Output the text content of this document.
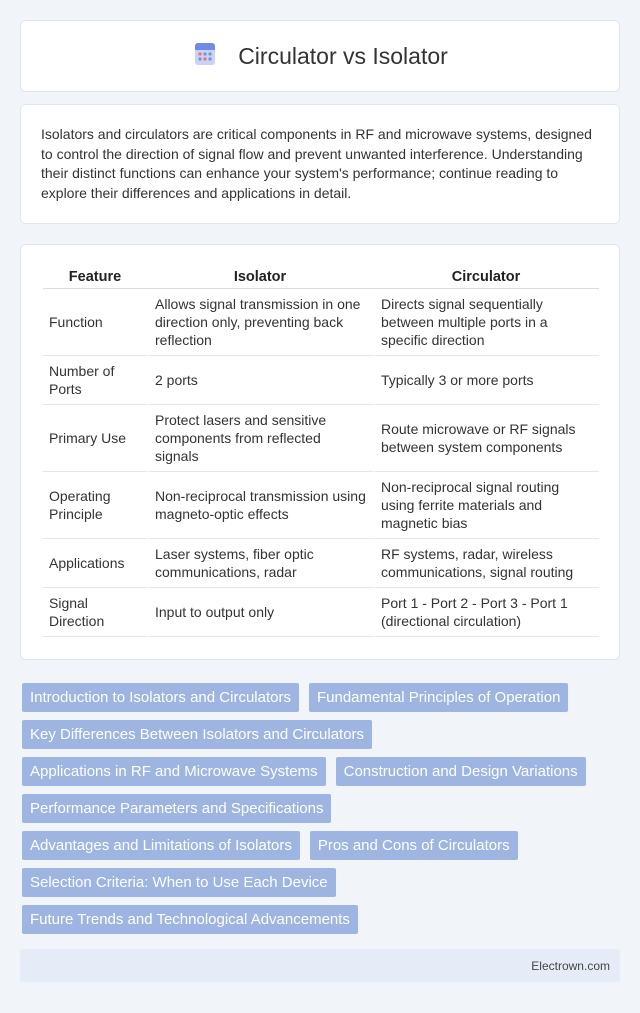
Circulator vs Isolator

Isolators and circulators are critical components in RF and microwave systems, designed to control the direction of signal flow and prevent unwanted interference. Understanding their distinct functions can enhance your system's performance; continue reading to explore their differences and applications in detail.

Feature	Isolator	Circulator
Function	Allows signal transmission in one direction only, preventing back reflection	Directs signal sequentially between multiple ports in a specific direction
Number of Ports	2 ports	Typically 3 or more ports
Primary Use	Protect lasers and sensitive components from reflected signals	Route microwave or RF signals between system components
Operating Principle	Non-reciprocal transmission using magneto-optic effects	Non-reciprocal signal routing using ferrite materials and magnetic bias
Applications	Laser systems, fiber optic communications, radar	RF systems, radar, wireless communications, signal routing
Signal Direction	Input to output only	Port 1 - Port 2 - Port 3 - Port 1 (directional circulation)
Introduction to Isolators and Circulators	Fundamental Principles of Operation
Key Differences Between Isolators and Circulators
Applications in RF and Microwave Systems	Construction and Design Variations
Performance Parameters and Specifications
Advantages and Limitations of Isolators	Pros and Cons of Circulators
Selection Criteria: When to Use Each Device
Future Trends and Technological Advancements
Electrown.com
